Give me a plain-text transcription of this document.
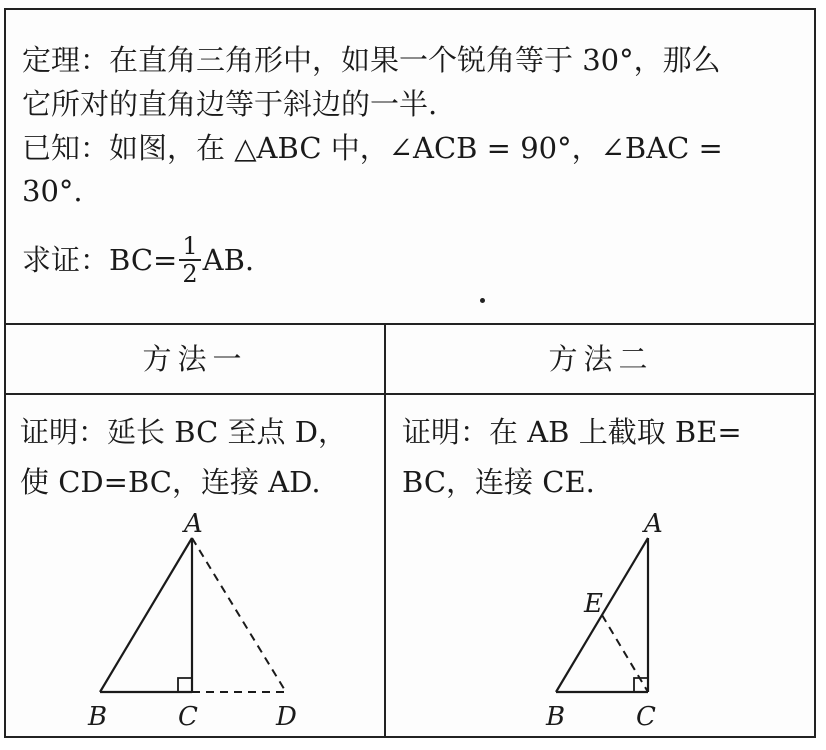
定理：在直角三角形中，如果一个锐角等于 30°，那么
它所对的直角边等于斜边的一半.
已知：如图，在 △ABC 中，∠ACB = 90°，∠BAC =
30°.
求证：$BC= \frac{1}{2}$ AB.
方法一	方法二
证明：延长 BC 至点 D，
使 CD=BC，连接 AD.
A
B	C	D
证明：在 AB 上截取 BE=
BC，连接 CE.
A
E
B	C
